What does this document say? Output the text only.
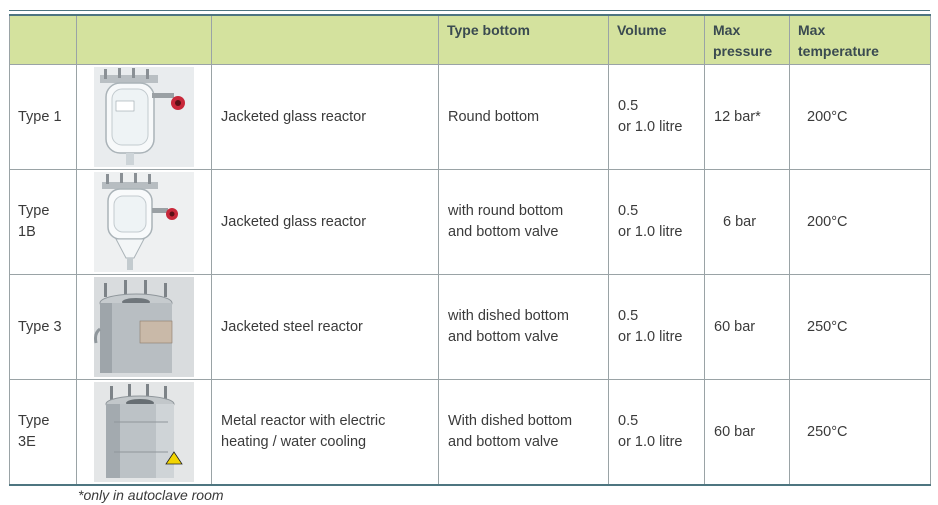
			Type bottom	Volume	Max
pressure	Max
temperature
Type 1		Jacketed glass reactor	Round bottom	0.5
or 1.0 litre	12 bar*	200°C
Type
1B		Jacketed glass reactor	with round bottom
and bottom valve	0.5
or 1.0 litre	6 bar	200°C
Type 3		Jacketed steel reactor	with dished bottom
and bottom valve	0.5
or 1.0 litre	60 bar	250°C
Type
3E		Metal reactor with electric
heating / water cooling	With dished bottom
and bottom valve	0.5
or 1.0 litre	60 bar	250°C
*only in autoclave room
